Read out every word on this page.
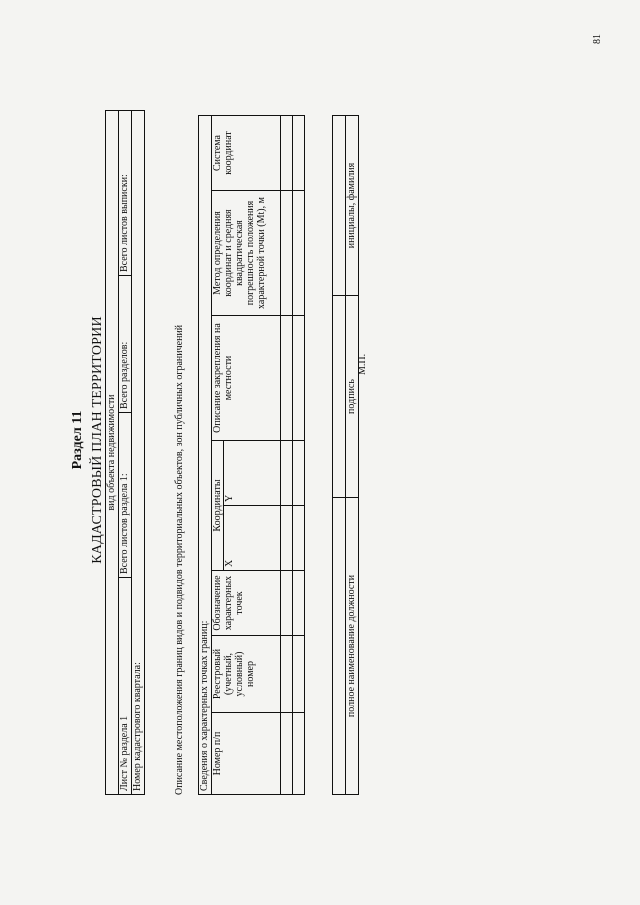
81
Раздел 11 КАДАСТРОВЫЙ ПЛАН ТЕРРИТОРИИ вид объекта недвижимости
Лист № раздела 1	Всего листов раздела 1:	Всего разделов:	Всего листов выписки:
Номер кадастрового квартала:	Описание местоположения границ видов и подвидов территориальных объектов, зон публичных ограничений Сведения о характерных точках границ:							
Номер п/п	Реестровый (учетный, условный) номер	Обозначение характерных точек	Координаты		Описание закрепления на местности	Метод определения координат и средняя квадратическая погрешность положения характерной точки (Mt), м	Система координат
			X	Y			

полное наименование должности	подпись	инициалы, фамилия
М.П.
